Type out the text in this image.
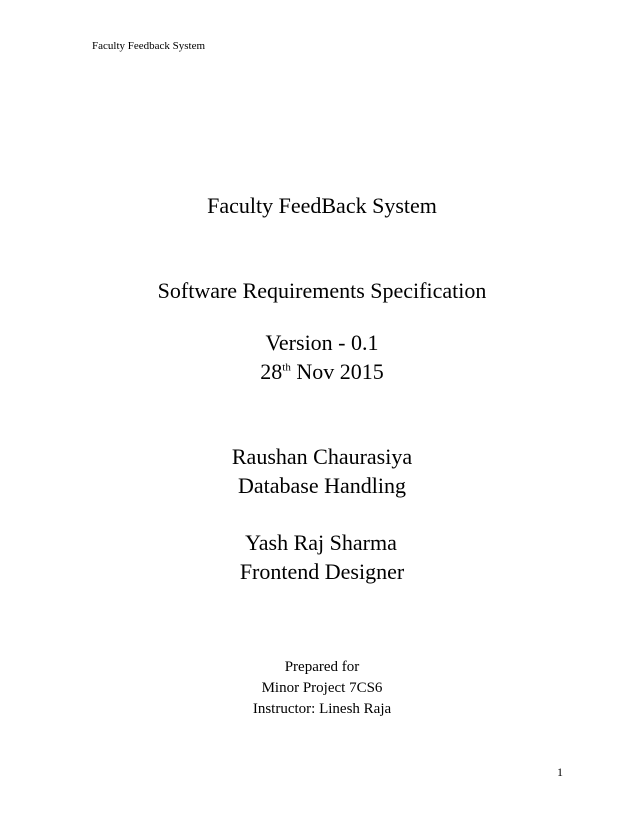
Faculty Feedback System
Faculty FeedBack System
Software Requirements Specification
Version - 0.1
28th Nov 2015
Raushan Chaurasiya
Database Handling
Yash Raj Sharma
Frontend Designer
Prepared for
Minor Project 7CS6
Instructor: Linesh Raja
1
